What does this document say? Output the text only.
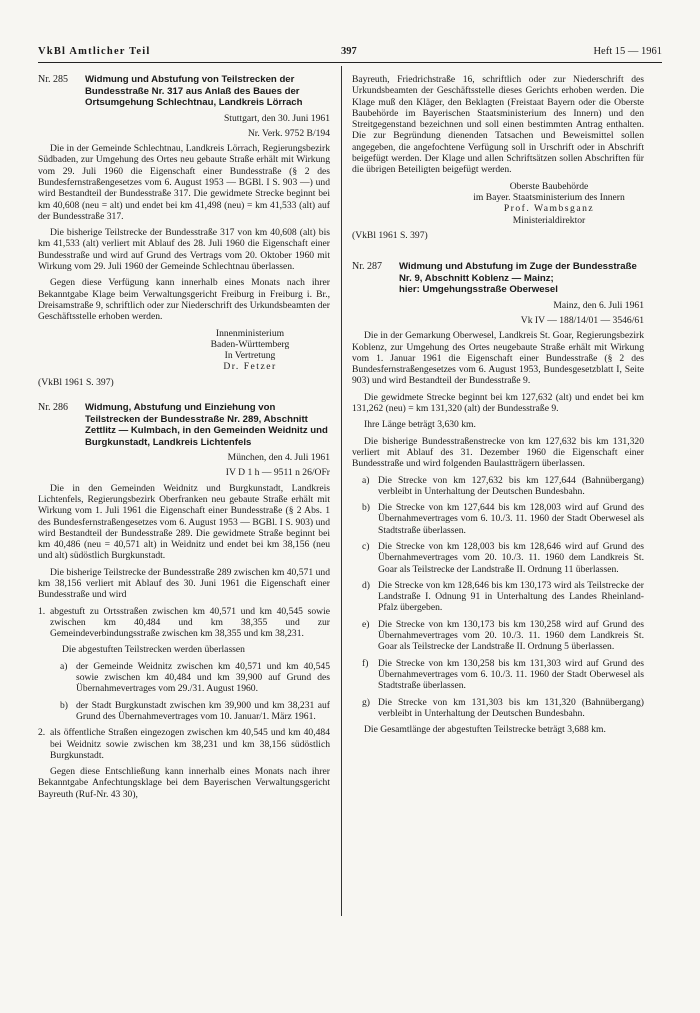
VkBl Amtlicher Teil	397	Heft 15 — 1961
Nr. 285	Widmung und Abstufung von Teilstrecken der Bundesstraße Nr. 317 aus Anlaß des Baues der Ortsumgehung Schlechtnau, Landkreis Lörrach
Stuttgart, den 30. Juni 1961
Nr. Verk. 9752 B/194

Die in der Gemeinde Schlechtnau, Landkreis Lörrach, Regierungsbezirk Südbaden, zur Umgehung des Ortes neu gebaute Straße erhält mit Wirkung vom 29. Juli 1960 die Eigenschaft einer Bundesstraße (§ 2 des Bundesfernstraßengesetzes vom 6. August 1953 — BGBl. I S. 903 —) und wird Bestandteil der Bundesstraße 317. Die gewidmete Strecke beginnt bei km 40,608 (neu = alt) und endet bei km 41,498 (neu) = km 41,533 (alt) auf der Bundesstraße 317.

Die bisherige Teilstrecke der Bundesstraße 317 von km 40,608 (alt) bis km 41,533 (alt) verliert mit Ablauf des 28. Juli 1960 die Eigenschaft einer Bundesstraße und wird auf Grund des Vertrags vom 20. Oktober 1960 mit Wirkung vom 29. Juli 1960 der Gemeinde Schlechtnau überlassen.

Gegen diese Verfügung kann innerhalb eines Monats nach ihrer Bekanntgabe Klage beim Verwaltungsgericht Freiburg in Freiburg i. Br., Dreisamstraße 9, schriftlich oder zur Niederschrift des Urkundsbeamten der Geschäftsstelle erhoben werden.

Innenministerium

Baden-Württemberg

In Vertretung

Dr. Fetzer

(VkBl 1961 S. 397)
Nr. 286	Widmung, Abstufung und Einziehung von Teilstrecken der Bundesstraße Nr. 289, Abschnitt Zettlitz — Kulmbach, in den Gemeinden Weidnitz und Burgkunstadt, Landkreis Lichtenfels
München, den 4. Juli 1961
IV D 1 h — 9511 n 26/OFr

Die in den Gemeinden Weidnitz und Burgkunstadt, Landkreis Lichtenfels, Regierungsbezirk Oberfranken neu gebaute Straße erhält mit Wirkung vom 1. Juli 1961 die Eigenschaft einer Bundesstraße (§ 2 Abs. 1 des Bundesfernstraßengesetzes vom 6. August 1953 — BGBl. I S. 903) und wird Bestandteil der Bundesstraße 289. Die gewidmete Straße beginnt bei km 40,486 (neu = 40,571 alt) in Weidnitz und endet bei km 38,156 (neu und alt) südöstlich Burgkunstadt.

Die bisherige Teilstrecke der Bundesstraße 289 zwischen km 40,571 und km 38,156 verliert mit Ablauf des 30. Juni 1961 die Eigenschaft einer Bundesstraße und wird

1. abgestuft zu Ortsstraßen zwischen km 40,571 und km 40,545 sowie zwischen km 40,484 und km 38,355 und zur Gemeindeverbindungsstraße zwischen km 38,355 und km 38,231.

Die abgestuften Teilstrecken werden überlassen

a) der Gemeinde Weidnitz zwischen km 40,571 und km 40,545 sowie zwischen km 40,484 und km 39,900 auf Grund des Übernahmevertrages vom 29./31. August 1960.
b) der Stadt Burgkunstadt zwischen km 39,900 und km 38,231 auf Grund des Übernahmevertrages vom 10. Januar/1. März 1961.
2. als öffentliche Straßen eingezogen zwischen km 40,545 und km 40,484 bei Weidnitz sowie zwischen km 38,231 und km 38,156 südöstlich Burgkunstadt.

Gegen diese Entschließung kann innerhalb eines Monats nach ihrer Bekanntgabe Anfechtungsklage bei dem Bayerischen Verwaltungsgericht Bayreuth (Ruf-Nr. 43 30),

Bayreuth, Friedrichstraße 16, schriftlich oder zur Niederschrift des Urkundsbeamten der Geschäftsstelle dieses Gerichts erhoben werden. Die Klage muß den Kläger, den Beklagten (Freistaat Bayern oder die Oberste Baubehörde im Bayerischen Staatsministerium des Innern) und den Streitgegenstand bezeichnen und soll einen bestimmten Antrag enthalten. Die zur Begründung dienenden Tatsachen und Beweismittel sollen angegeben, die angefochtene Verfügung soll in Urschrift oder in Abschrift beigefügt werden. Der Klage und allen Schriftsätzen sollen Abschriften für die übrigen Beteiligten beigefügt werden.

Oberste Baubehörde

im Bayer. Staatsministerium des Innern

Prof. Wambsganz

Ministerialdirektor

(VkBl 1961 S. 397)
Nr. 287	Widmung und Abstufung im Zuge der Bundesstraße Nr. 9, Abschnitt Koblenz — Mainz;
hier: Umgehungsstraße Oberwesel
Mainz, den 6. Juli 1961
Vk IV — 188/14/01 — 3546/61

Die in der Gemarkung Oberwesel, Landkreis St. Goar, Regierungsbezirk Koblenz, zur Umgehung des Ortes neugebaute Straße erhält mit Wirkung vom 1. Januar 1961 die Eigenschaft einer Bundesstraße (§ 2 des Bundesfernstraßengesetzes vom 6. August 1953, Bundesgesetzblatt I, Seite 903) und wird Bestandteil der Bundesstraße 9.

Die gewidmete Strecke beginnt bei km 127,632 (alt) und endet bei km 131,262 (neu) = km 131,320 (alt) der Bundesstraße 9.

Ihre Länge beträgt 3,630 km.

Die bisherige Bundesstraßenstrecke von km 127,632 bis km 131,320 verliert mit Ablauf des 31. Dezember 1960 die Eigenschaft einer Bundesstraße und wird folgenden Baulastträgern überlassen.

a) Die Strecke von km 127,632 bis km 127,644 (Bahnübergang) verbleibt in Unterhaltung der Deutschen Bundesbahn.
b) Die Strecke von km 127,644 bis km 128,003 wird auf Grund des Übernahmevertrages vom 6. 10./3. 11. 1960 der Stadt Oberwesel als Stadtstraße überlassen.
c) Die Strecke von km 128,003 bis km 128,646 wird auf Grund des Übernahmevertrages vom 20. 10./3. 11. 1960 dem Landkreis St. Goar als Teilstrecke der Landstraße II. Ordnung 11 überlassen.
d) Die Strecke von km 128,646 bis km 130,173 wird als Teilstrecke der Landstraße I. Odnung 91 in Unterhaltung des Landes Rheinland-Pfalz übergeben.
e) Die Strecke von km 130,173 bis km 130,258 wird auf Grund des Übernahmevertrages vom 20. 10./3. 11. 1960 dem Landkreis St. Goar als Teilstrecke der Landstraße II. Ordnung 5 überlassen.
f)	Die Strecke von km 130,258 bis km 131,303 wird auf Grund des Übernahmevertrages vom 6. 10./3. 11. 1960 der Stadt Oberwesel als Stadtstraße überlassen.
g) Die Strecke von km 131,303 bis km 131,320 (Bahnübergang) verbleibt in Unterhaltung der Deutschen Bundesbahn.

Die Gesamtlänge der abgestuften Teilstrecke beträgt 3,688 km.
